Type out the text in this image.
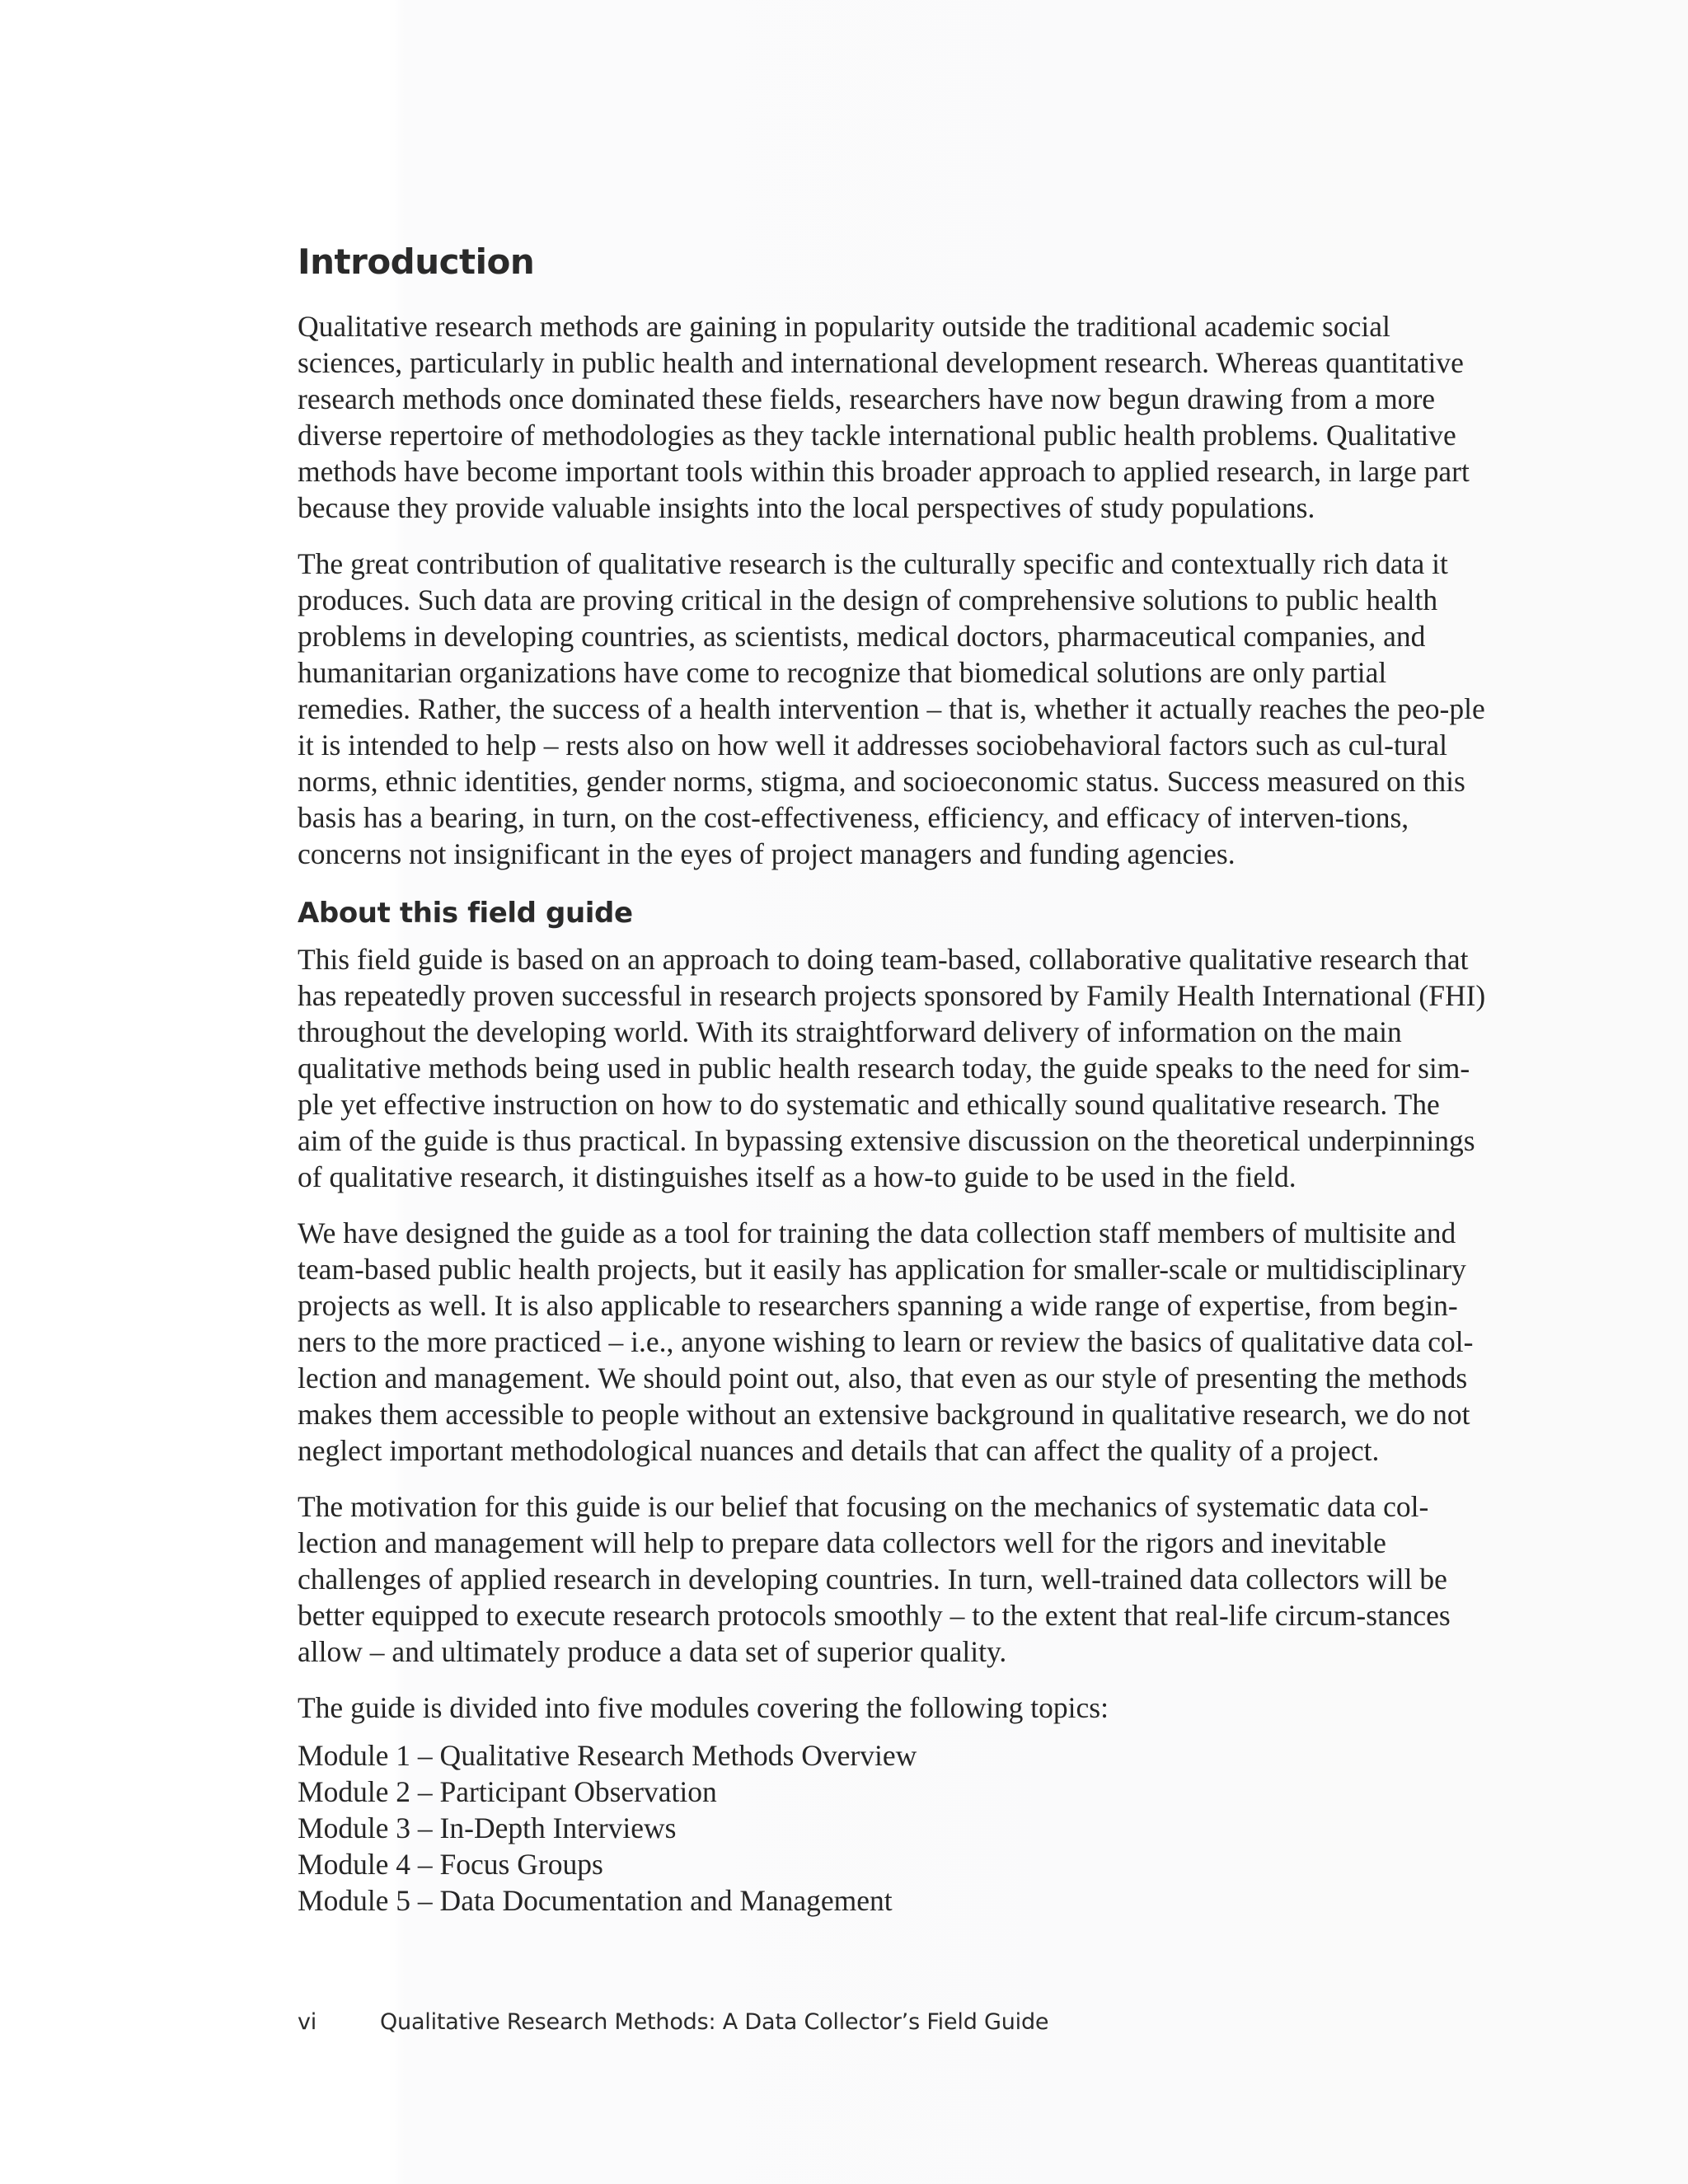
Introduction

Qualitative research methods are gaining in popularity outside the traditional academic social sciences, particularly in public health and international development research. Whereas quantitative research methods once dominated these fields, researchers have now begun drawing from a more diverse repertoire of methodologies as they tackle international public health problems. Qualitative methods have become important tools within this broader approach to applied research, in large part because they provide valuable insights into the local perspectives of study populations.

The great contribution of qualitative research is the culturally specific and contextually rich data it produces. Such data are proving critical in the design of comprehensive solutions to public health problems in developing countries, as scientists, medical doctors, pharmaceutical companies, and humanitarian organizations have come to recognize that biomedical solutions are only partial remedies. Rather, the success of a health intervention – that is, whether it actually reaches the peo-ple it is intended to help – rests also on how well it addresses sociobehavioral factors such as cul-tural norms, ethnic identities, gender norms, stigma, and socioeconomic status. Success measured on this basis has a bearing, in turn, on the cost-effectiveness, efficiency, and efficacy of interven-tions, concerns not insignificant in the eyes of project managers and funding agencies.

About this field guide

This field guide is based on an approach to doing team-based, collaborative qualitative research that has repeatedly proven successful in research projects sponsored by Family Health International (FHI) throughout the developing world. With its straightforward delivery of information on the main qualitative methods being used in public health research today, the guide speaks to the need for sim-ple yet effective instruction on how to do systematic and ethically sound qualitative research. The aim of the guide is thus practical. In bypassing extensive discussion on the theoretical underpinnings of qualitative research, it distinguishes itself as a how-to guide to be used in the field.

We have designed the guide as a tool for training the data collection staff members of multisite and team-based public health projects, but it easily has application for smaller-scale or multidisciplinary projects as well. It is also applicable to researchers spanning a wide range of expertise, from begin-ners to the more practiced – i.e., anyone wishing to learn or review the basics of qualitative data col-lection and management. We should point out, also, that even as our style of presenting the methods makes them accessible to people without an extensive background in qualitative research, we do not neglect important methodological nuances and details that can affect the quality of a project.

The motivation for this guide is our belief that focusing on the mechanics of systematic data col-lection and management will help to prepare data collectors well for the rigors and inevitable challenges of applied research in developing countries. In turn, well-trained data collectors will be better equipped to execute research protocols smoothly – to the extent that real-life circum-stances allow – and ultimately produce a data set of superior quality.

The guide is divided into five modules covering the following topics:

Module 1 – Qualitative Research Methods Overview
Module 2 – Participant Observation
Module 3 – In-Depth Interviews
Module 4 – Focus Groups
Module 5 – Data Documentation and Management
vi	Qualitative Research Methods: A Data Collector’s Field Guide
